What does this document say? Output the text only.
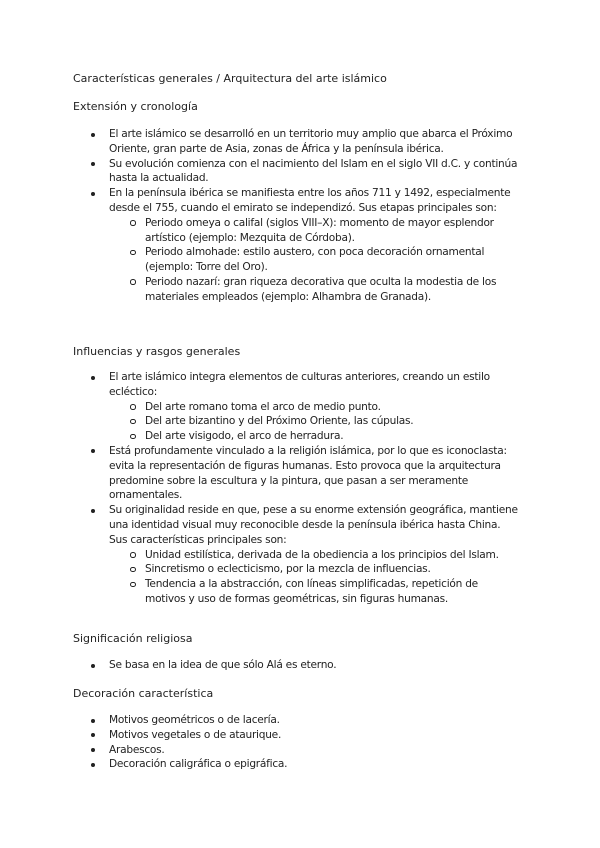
Características generales / Arquitectura del arte islámico
Extensión y cronología
El arte islámico se desarrolló en un territorio muy amplio que abarca el Próximo Oriente, gran parte de Asia, zonas de África y la península ibérica.
Su evolución comienza con el nacimiento del Islam en el siglo VII d.C. y continúa hasta la actualidad.
En la península ibérica se manifiesta entre los años 711 y 1492, especialmente desde el 755, cuando el emirato se independizó. Sus etapas principales son:
Periodo omeya o califal (siglos VIII–X): momento de mayor esplendor artístico (ejemplo: Mezquita de Córdoba).
Periodo almohade: estilo austero, con poca decoración ornamental (ejemplo: Torre del Oro).
Periodo nazarí: gran riqueza decorativa que oculta la modestia de los materiales empleados (ejemplo: Alhambra de Granada).
Influencias y rasgos generales
El arte islámico integra elementos de culturas anteriores, creando un estilo ecléctico:
Del arte romano toma el arco de medio punto.
Del arte bizantino y del Próximo Oriente, las cúpulas.
Del arte visigodo, el arco de herradura.
Está profundamente vinculado a la religión islámica, por lo que es iconoclasta: evita la representación de figuras humanas. Esto provoca que la arquitectura predomine sobre la escultura y la pintura, que pasan a ser meramente ornamentales.
Su originalidad reside en que, pese a su enorme extensión geográfica, mantiene una identidad visual muy reconocible desde la península ibérica hasta China. Sus características principales son:
Unidad estilística, derivada de la obediencia a los principios del Islam.
Sincretismo o eclecticismo, por la mezcla de influencias.
Tendencia a la abstracción, con líneas simplificadas, repetición de motivos y uso de formas geométricas, sin figuras humanas.
Significación religiosa
Se basa en la idea de que sólo Alá es eterno.
Decoración característica
Motivos geométricos o de lacería.
Motivos vegetales o de ataurique.
Arabescos.
Decoración caligráfica o epigráfica.
